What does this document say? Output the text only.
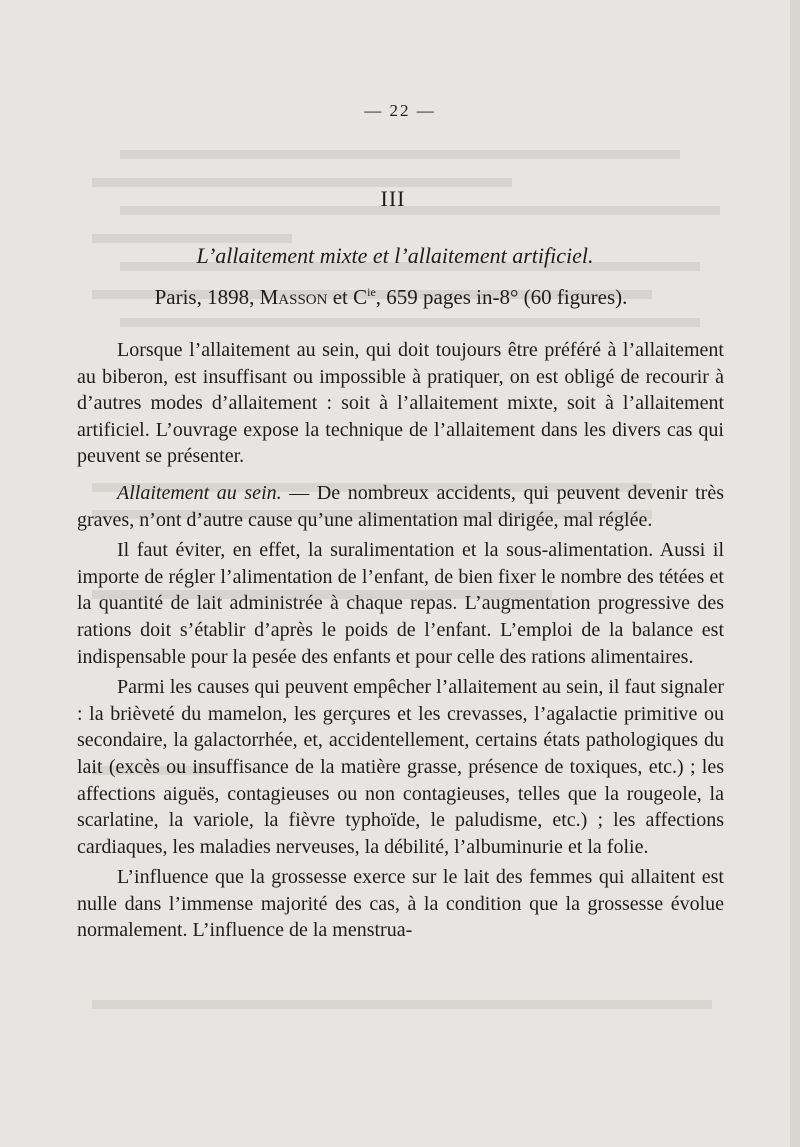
— 22 —
III
L’allaitement mixte et l’allaitement artificiel.
Paris, 1898, Masson et $C^{ie}$, 659 pages in-8° (60 figures).

Lorsque l’allaitement au sein, qui doit toujours être préféré à l’allaitement au biberon, est insuffisant ou impossible à pratiquer, on est obligé de recourir à d’autres modes d’allaitement : soit à l’allaitement mixte, soit à l’allaitement artificiel. L’ouvrage expose la technique de l’allaitement dans les divers cas qui peuvent se présenter.

Allaitement au sein. — De nombreux accidents, qui peuvent devenir très graves, n’ont d’autre cause qu’une alimentation mal dirigée, mal réglée.

Il faut éviter, en effet, la suralimentation et la sous-alimentation. Aussi il importe de régler l’alimentation de l’enfant, de bien fixer le nombre des tétées et la quantité de lait administrée à chaque repas. L’augmentation progressive des rations doit s’établir d’après le poids de l’enfant. L’emploi de la balance est indispensable pour la pesée des enfants et pour celle des rations alimentaires.

Parmi les causes qui peuvent empêcher l’allaitement au sein, il faut signaler : la brièveté du mamelon, les gerçures et les crevasses, l’agalactie primitive ou secondaire, la galactorrhée, et, accidentellement, certains états pathologiques du lait (excès ou insuffisance de la matière grasse, présence de toxiques, etc.) ; les affections aiguës, contagieuses ou non contagieuses, telles que la rougeole, la scarlatine, la variole, la fièvre typhoïde, le paludisme, etc.) ; les affections cardiaques, les maladies nerveuses, la débilité, l’albuminurie et la folie.

L’influence que la grossesse exerce sur le lait des femmes qui allaitent est nulle dans l’immense majorité des cas, à la condition que la grossesse évolue normalement. L’influence de la menstrua-
